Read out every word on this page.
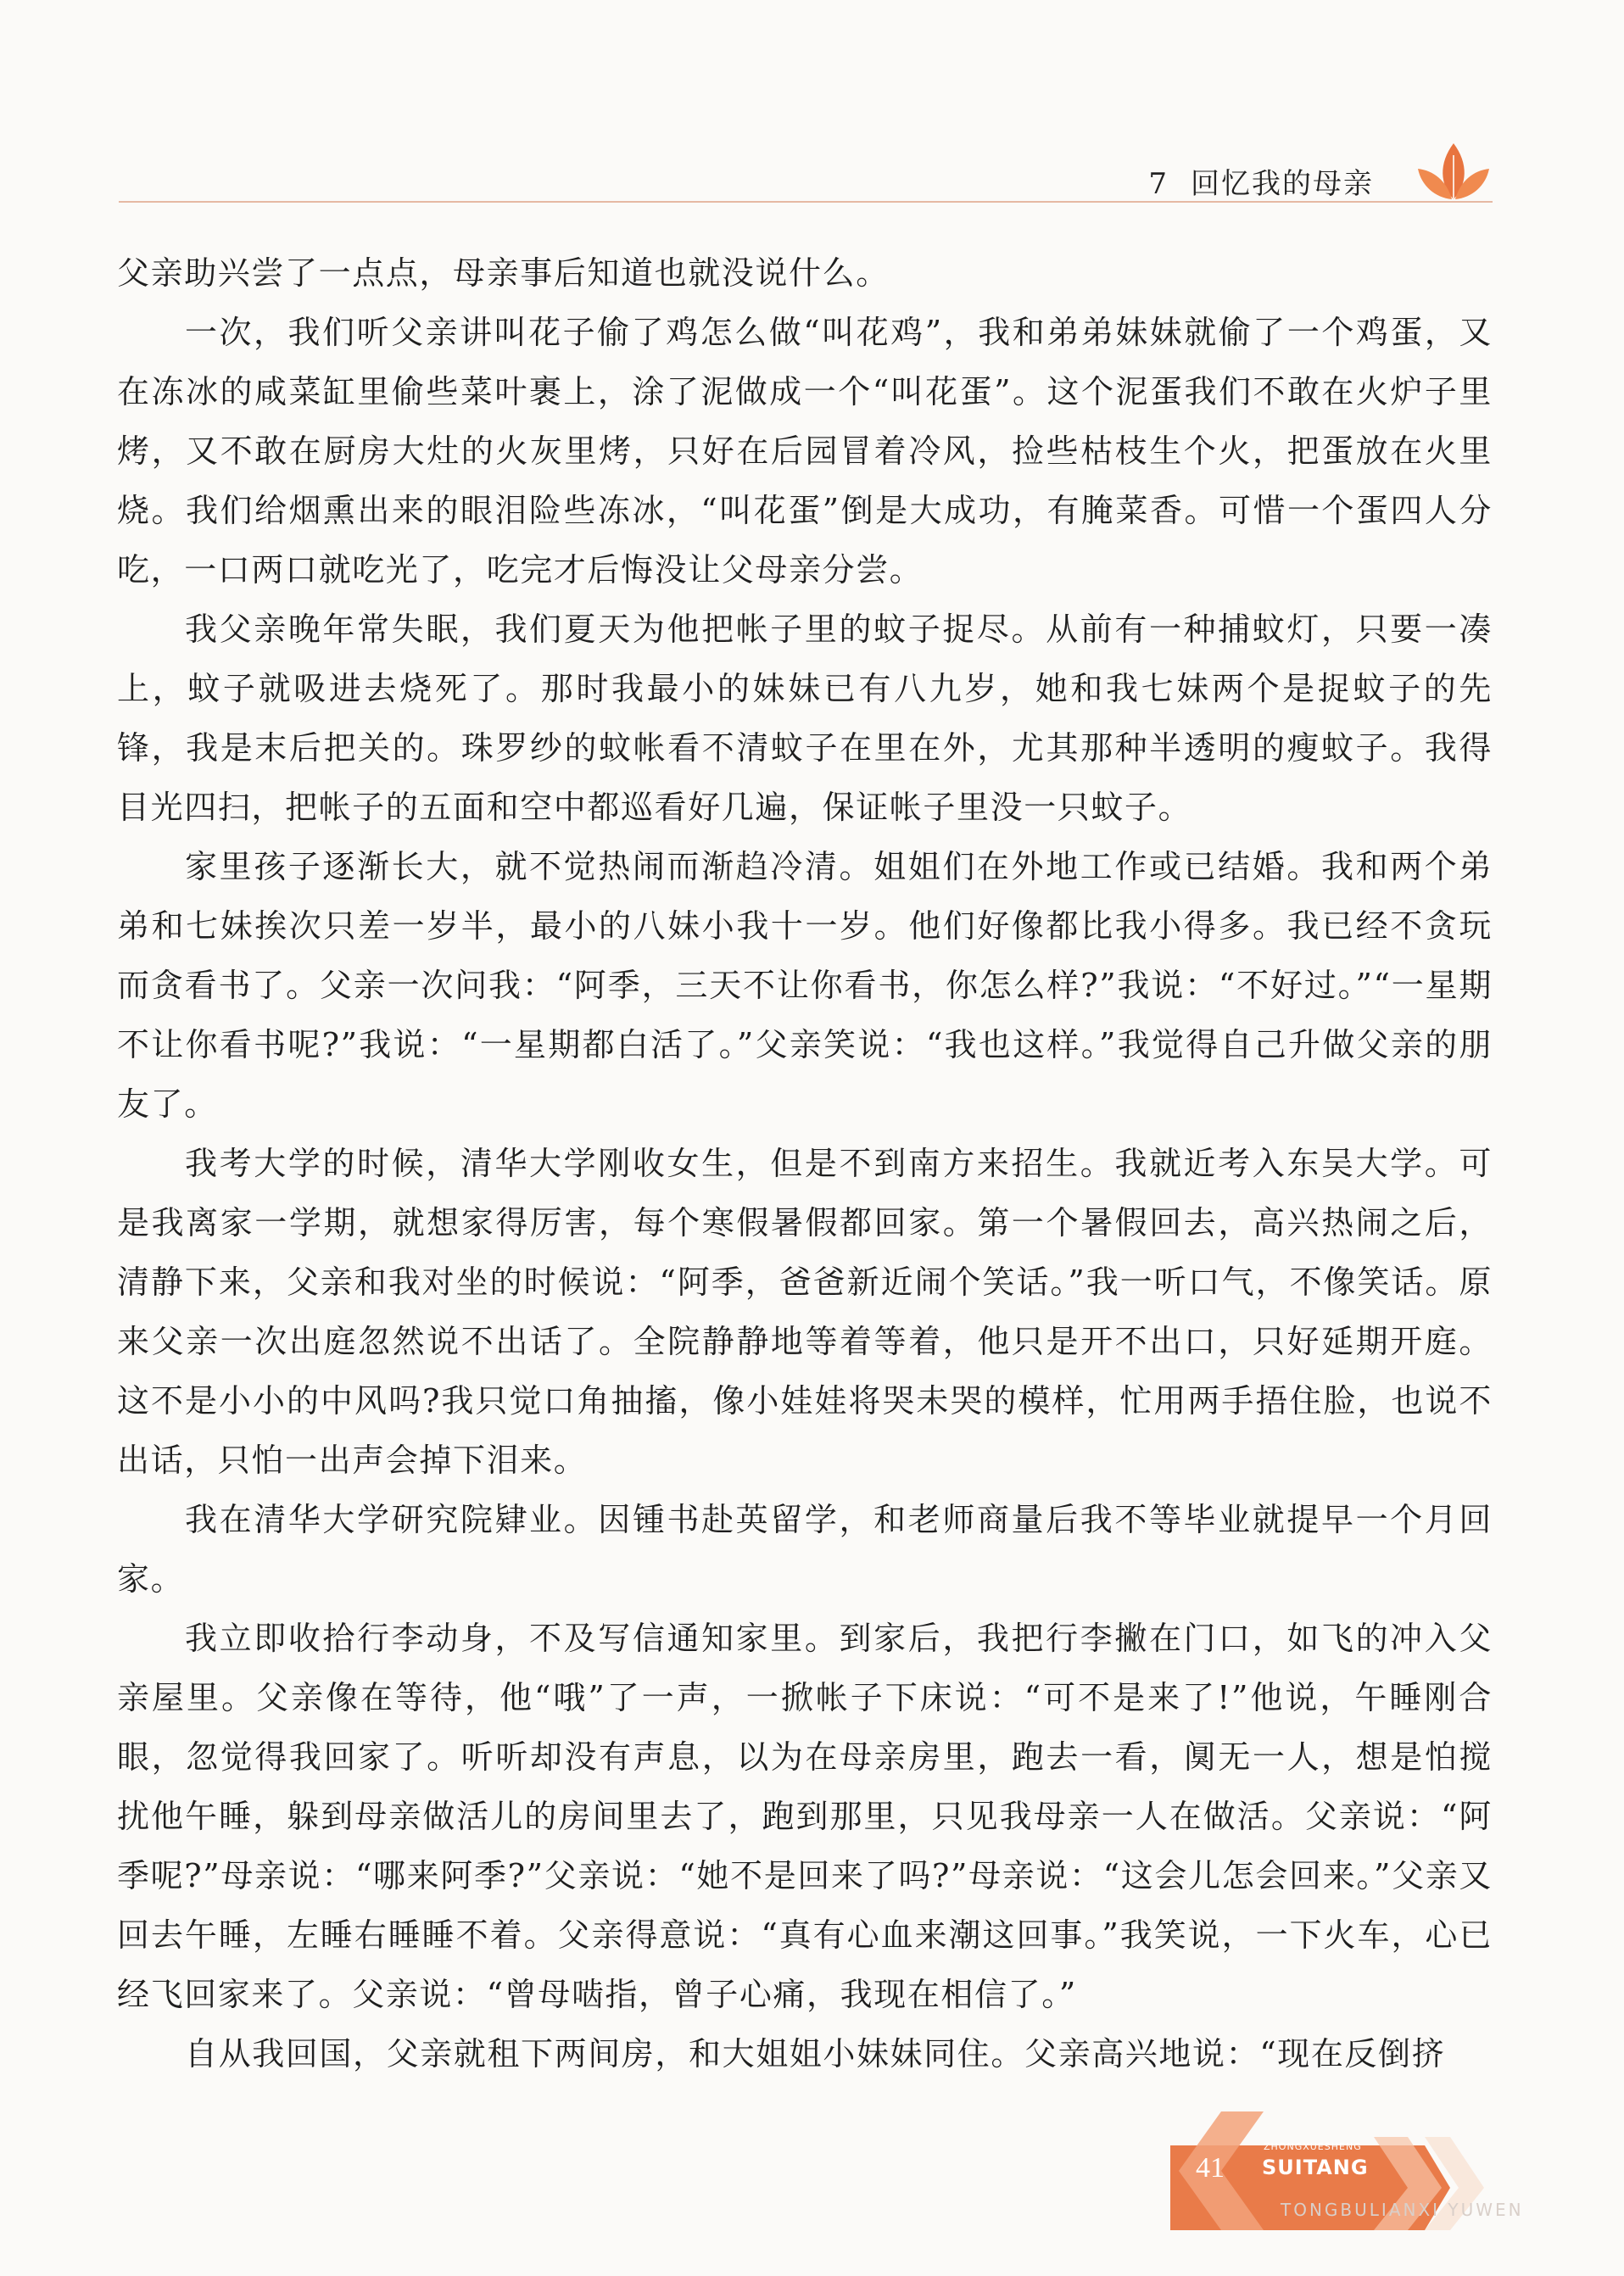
7 回忆我的母亲

父亲助兴尝了一点点，母亲事后知道也就没说什么。

一次，我们听父亲讲叫花子偷了鸡怎么做“叫花鸡”，我和弟弟妹妹就偷了一个鸡蛋，又在冻冰的咸菜缸里偷些菜叶裹上，涂了泥做成一个“叫花蛋”。这个泥蛋我们不敢在火炉子里烤，又不敢在厨房大灶的火灰里烤，只好在后园冒着冷风，捡些枯枝生个火，把蛋放在火里烧。我们给烟熏出来的眼泪险些冻冰，“叫花蛋”倒是大成功，有腌菜香。可惜一个蛋四人分吃，一口两口就吃光了，吃完才后悔没让父母亲分尝。

我父亲晚年常失眠，我们夏天为他把帐子里的蚊子捉尽。从前有一种捕蚊灯，只要一凑上，蚊子就吸进去烧死了。那时我最小的妹妹已有八九岁，她和我七妹两个是捉蚊子的先锋，我是末后把关的。珠罗纱的蚊帐看不清蚊子在里在外，尤其那种半透明的瘦蚊子。我得目光四扫，把帐子的五面和空中都巡看好几遍，保证帐子里没一只蚊子。

家里孩子逐渐长大，就不觉热闹而渐趋冷清。姐姐们在外地工作或已结婚。我和两个弟弟和七妹挨次只差一岁半，最小的八妹小我十一岁。他们好像都比我小得多。我已经不贪玩而贪看书了。父亲一次问我：“阿季，三天不让你看书，你怎么样?”我说：“不好过。”“一星期不让你看书呢?”我说：“一星期都白活了。”父亲笑说：“我也这样。”我觉得自己升做父亲的朋友了。

我考大学的时候，清华大学刚收女生，但是不到南方来招生。我就近考入东吴大学。可是我离家一学期，就想家得厉害，每个寒假暑假都回家。第一个暑假回去，高兴热闹之后，清静下来，父亲和我对坐的时候说：“阿季，爸爸新近闹个笑话。”我一听口气，不像笑话。原来父亲一次出庭忽然说不出话了。全院静静地等着等着，他只是开不出口，只好延期开庭。这不是小小的中风吗?我只觉口角抽搐，像小娃娃将哭未哭的模样，忙用两手捂住脸，也说不出话，只怕一出声会掉下泪来。

我在清华大学研究院肄业。因锺书赴英留学，和老师商量后我不等毕业就提早一个月回家。

我立即收拾行李动身，不及写信通知家里。到家后，我把行李撇在门口，如飞的冲入父亲屋里。父亲像在等待，他“哦”了一声，一掀帐子下床说：“可不是来了!”他说，午睡刚合眼，忽觉得我回家了。听听却没有声息，以为在母亲房里，跑去一看，阒无一人，想是怕搅扰他午睡，躲到母亲做活儿的房间里去了，跑到那里，只见我母亲一人在做活。父亲说：“阿季呢?”母亲说：“哪来阿季?”父亲说：“她不是回来了吗?”母亲说：“这会儿怎会回来。”父亲又回去午睡，左睡右睡睡不着。父亲得意说：“真有心血来潮这回事。”我笑说，一下火车，心已经飞回家来了。父亲说：“曾母啮指，曾子心痛，我现在相信了。”

自从我回国，父亲就租下两间房，和大姐姐小妹妹同住。父亲高兴地说：“现在反倒挤

41
ZHONGXUESHENG
SUITANG
TONGBULIANXI YUWEN
